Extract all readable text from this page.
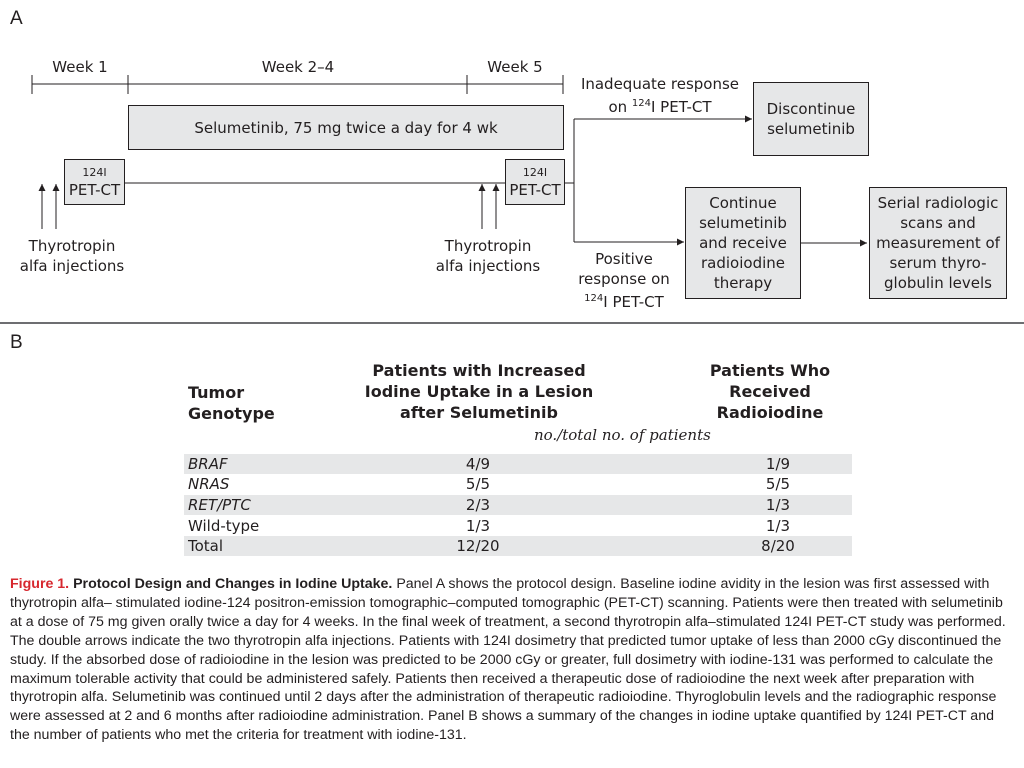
A
Week 1	Week 2–4	Week 5
Selumetinib, 75 mg twice a day for 4 wk
124I
PET-CT
124I
PET-CT
Thyrotropin
alfa injections
Thyrotropin
alfa injections
Inadequate response
on $^{124}$I PET-CT	Discontinue
selumetinib
Positive
response on
$^{124}$I PET-CT
Continue
selumetinib
and receive
radioiodine
therapy
Serial radiologic
scans and
measurement of
serum thyro-
globulin levels
B
Tumor
Genotype
Patients with Increased
Iodine Uptake in a Lesion
after Selumetinib
Patients Who
Received
Radioiodine
no./total no. of patients
BRAF	4/9	1/9
NRAS	5/5	5/5
RET/PTC	2/3	1/3
Wild-type	1/3	1/3
Total	12/20	8/20
Figure 1. Protocol Design and Changes in Iodine Uptake. Panel A shows the protocol design. Baseline iodine avidity in the lesion was first assessed with thyrotropin alfa– stimulated iodine-124 positron-emission tomographic–computed tomographic (PET-CT) scanning. Patients were then treated with selumetinib at a dose of 75 mg given orally twice a day for 4 weeks. In the final week of treatment, a second thyrotropin alfa–stimulated 124I PET-CT study was performed. The double arrows indicate the two thyrotropin alfa injections. Patients with 124I dosimetry that predicted tumor uptake of less than 2000 cGy discontinued the study. If the absorbed dose of radioiodine in the lesion was predicted to be 2000 cGy or greater, full dosimetry with iodine-131 was performed to calculate the maximum tolerable activity that could be administered safely. Patients then received a therapeutic dose of radioiodine the next week after preparation with thyrotropin alfa. Selumetinib was continued until 2 days after the administration of therapeutic radioiodine. Thyroglobulin levels and the radiographic response were assessed at 2 and 6 months after radioiodine administration. Panel B shows a summary of the changes in iodine uptake quantified by 124I PET-CT and the number of patients who met the criteria for treatment with iodine-131.
